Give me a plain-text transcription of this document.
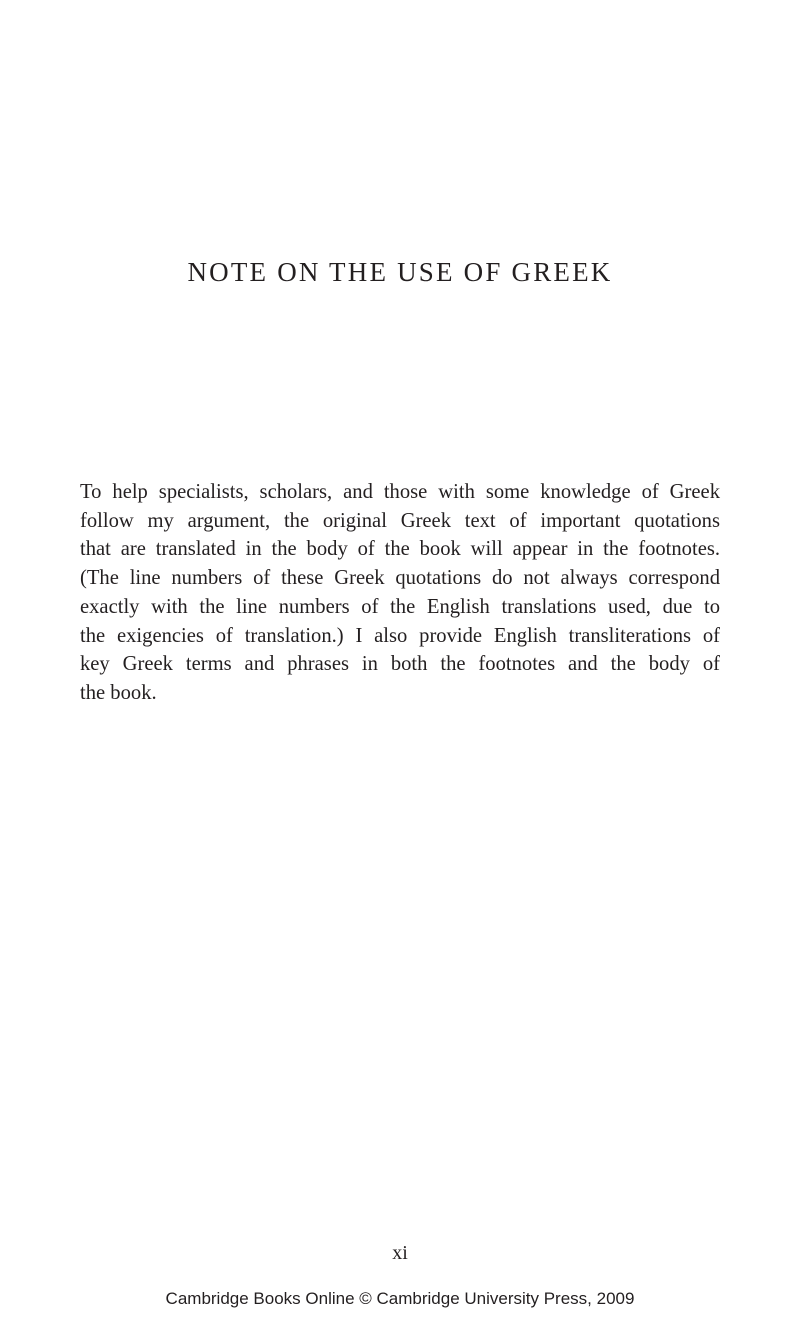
NOTE ON THE USE OF GREEK

To help specialists, scholars, and those with some knowledge of Greek
follow my argument, the original Greek text of important quotations
that are translated in the body of the book will appear in the footnotes.
(The line numbers of these Greek quotations do not always correspond
exactly with the line numbers of the English translations used, due to
the exigencies of translation.) I also provide English transliterations of
key Greek terms and phrases in both the footnotes and the body of
the book.

xi
Cambridge Books Online © Cambridge University Press, 2009
